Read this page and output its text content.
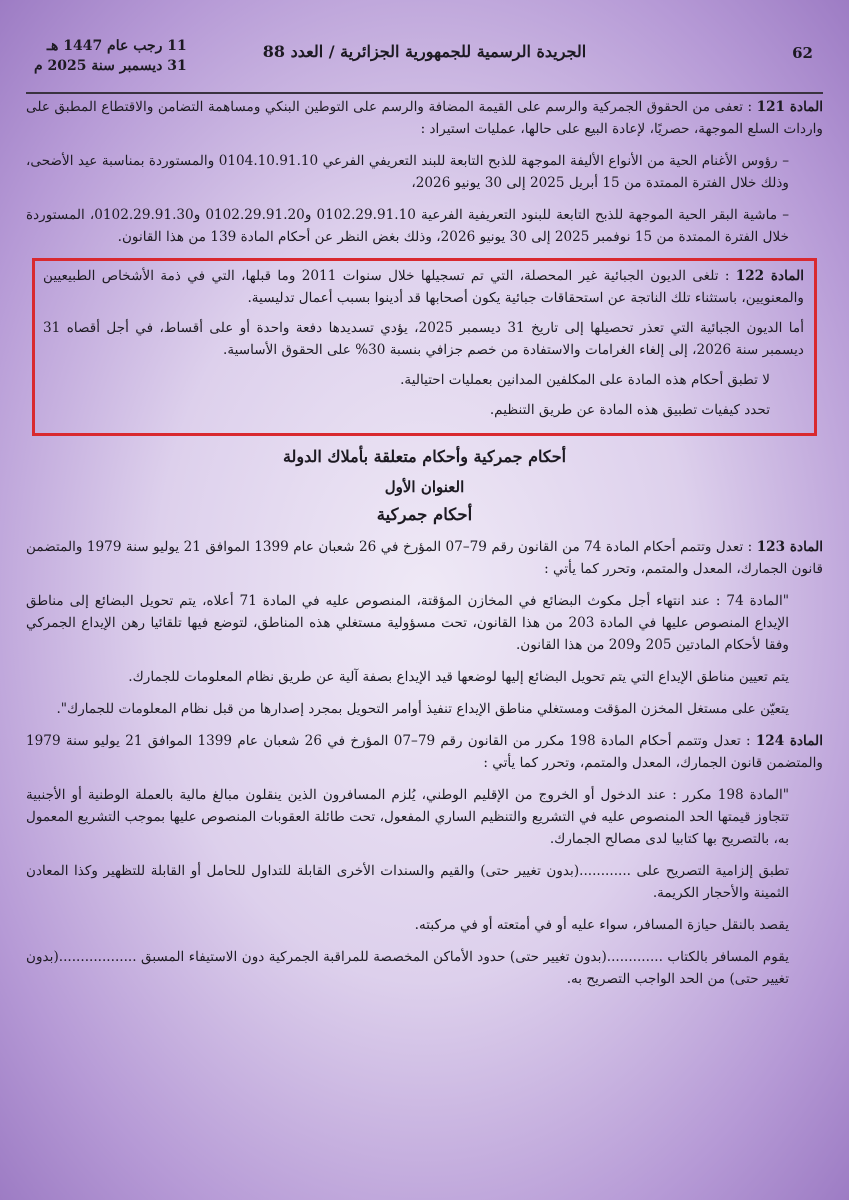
62
الجريدة الرسمية للجمهورية الجزائرية / العدد 88
11 رجب عام 1447 هـ
31 ديسمبر سنة 2025 م

المادة 121 : تعفى من الحقوق الجمركية والرسم على القيمة المضافة والرسم على التوطين البنكي ومساهمة التضامن والاقتطاع المطبق على واردات السلع الموجهة، حصريًا، لإعادة البيع على حالها، عمليات استيراد :

– رؤوس الأغنام الحية من الأنواع الأليفة الموجهة للذبح التابعة للبند التعريفي الفرعي 0104.10.91.10 والمستوردة بمناسبة عيد الأضحى، وذلك خلال الفترة الممتدة من 15 أبريل 2025 إلى 30 يونيو 2026،

– ماشية البقر الحية الموجهة للذبح التابعة للبنود التعريفية الفرعية 0102.29.91.10 و0102.29.91.20 و0102.29.91.30، المستوردة خلال الفترة الممتدة من 15 نوفمبر 2025 إلى 30 يونيو 2026، وذلك بغض النظر عن أحكام المادة 139 من هذا القانون.

المادة 122 : تلغى الديون الجبائية غير المحصلة، التي تم تسجيلها خلال سنوات 2011 وما قبلها، التي في ذمة الأشخاص الطبيعيين والمعنويين، باستثناء تلك الناتجة عن استحقاقات جبائية يكون أصحابها قد أدينوا بسبب أعمال تدليسية.

أما الديون الجبائية التي تعذر تحصيلها إلى تاريخ 31 ديسمبر 2025، يؤدي تسديدها دفعة واحدة أو على أقساط، في أجل أقصاه 31 ديسمبر سنة 2026، إلى إلغاء الغرامات والاستفادة من خصم جزافي بنسبة 30% على الحقوق الأساسية.

لا تطبق أحكام هذه المادة على المكلفين المدانين بعمليات احتيالية.

تحدد كيفيات تطبيق هذه المادة عن طريق التنظيم.

أحكام جمركية وأحكام متعلقة بأملاك الدولة
العنوان الأول
أحكام جمركية

المادة 123 : تعدل وتتمم أحكام المادة 74 من القانون رقم 79–07 المؤرخ في 26 شعبان عام 1399 الموافق 21 يوليو سنة 1979 والمتضمن قانون الجمارك، المعدل والمتمم، وتحرر كما يأتي :

"المادة 74 : عند انتهاء أجل مكوث البضائع في المخازن المؤقتة، المنصوص عليه في المادة 71 أعلاه، يتم تحويل البضائع إلى مناطق الإيداع المنصوص عليها في المادة 203 من هذا القانون، تحت مسؤولية مستغلي هذه المناطق، لتوضع فيها تلقائيا رهن الإيداع الجمركي وفقا لأحكام المادتين 205 و209 من هذا القانون.

يتم تعيين مناطق الإيداع التي يتم تحويل البضائع إليها لوضعها قيد الإيداع بصفة آلية عن طريق نظام المعلومات للجمارك.

يتعيّن على مستغل المخزن المؤقت ومستغلي مناطق الإيداع تنفيذ أوامر التحويل بمجرد إصدارها من قبل نظام المعلومات للجمارك".

المادة 124 : تعدل وتتمم أحكام المادة 198 مكرر من القانون رقم 79–07 المؤرخ في 26 شعبان عام 1399 الموافق 21 يوليو سنة 1979 والمتضمن قانون الجمارك، المعدل والمتمم، وتحرر كما يأتي :

"المادة 198 مكرر : عند الدخول أو الخروج من الإقليم الوطني، يُلزم المسافرون الذين ينقلون مبالغ مالية بالعملة الوطنية أو الأجنبية تتجاوز قيمتها الحد المنصوص عليه في التشريع والتنظيم الساري المفعول، تحت طائلة العقوبات المنصوص عليها بموجب التشريع المعمول به، بالتصريح بها كتابيا لدى مصالح الجمارك.

تطبق إلزامية التصريح على ............(بدون تغيير حتى) والقيم والسندات الأخرى القابلة للتداول للحامل أو القابلة للتظهير وكذا المعادن الثمينة والأحجار الكريمة.

يقصد بالنقل حيازة المسافر، سواء عليه أو في أمتعته أو في مركبته.

يقوم المسافر بالكتاب .............(بدون تغيير حتى) حدود الأماكن المخصصة للمراقبة الجمركية دون الاستيفاء المسبق ..................(بدون تغيير حتى) من الحد الواجب التصريح به.
